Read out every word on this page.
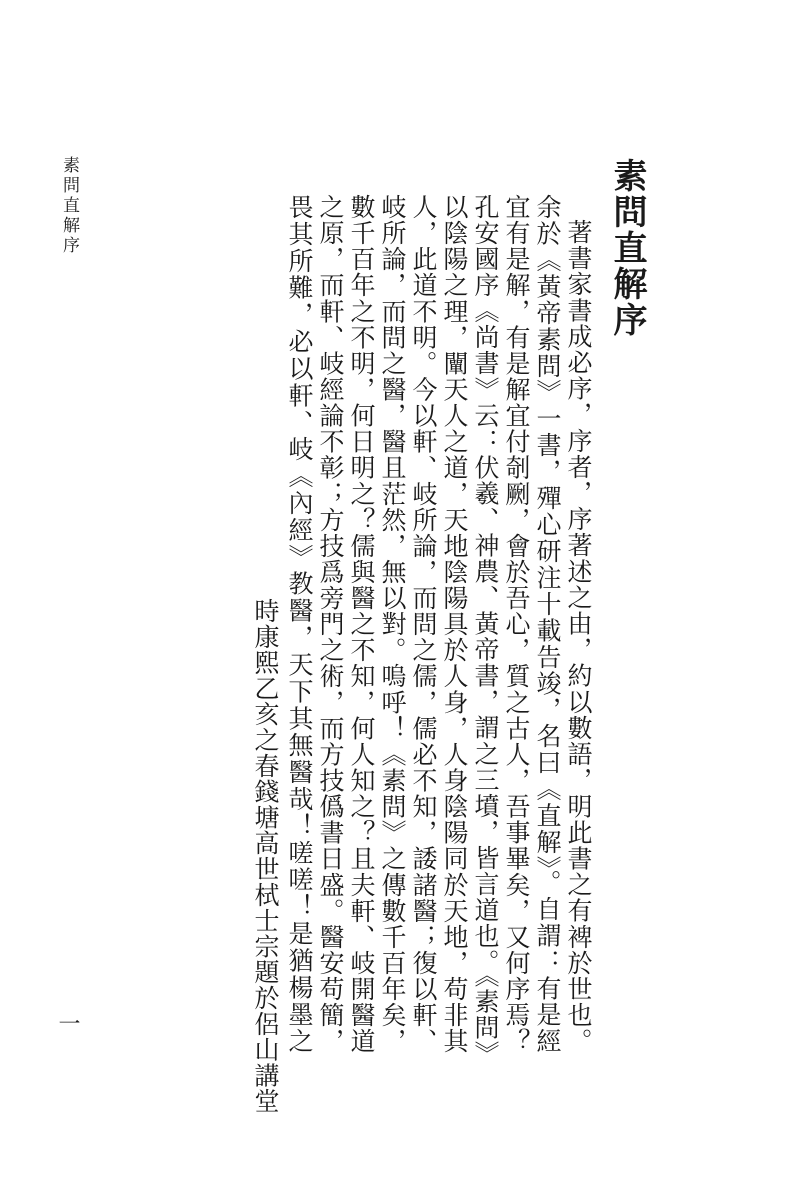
素問直解序	素問直解序

著書家書成必序，序者，序著述之由，約以數語，明此書之有裨於世也。余於《黃帝素問》一書，殫心研注十載告竣，名曰《直解》。自謂：有是經宜有是解，有是解宜付剞劂，會於吾心，質之古人，吾事畢矣，又何序焉？孔安國序《尚書》云：伏羲、神農、黃帝書，謂之三墳，皆言道也。《素問》以陰陽之理，闡天人之道，天地陰陽具於人身，人身陰陽同於天地，苟非其人，此道不明。今以軒、岐所論，而問之儒，儒必不知，諉諸醫；復以軒、岐所論，而問之醫，醫且茫然，無以對。嗚呼！《素問》之傳數千百年矣，數千百年之不明，何日明之？儒與醫之不知，何人知之？且夫軒、岐開醫道之原，而軒、岐經論不彰；方技爲旁門之術，而方技僞書日盛。醫安苟簡，畏其所難，必以軒、岐《內經》教醫，天下其無醫哉！嗟嗟！是猶楊墨之

時康熙乙亥之春錢塘高世栻士宗題於侶山講堂
一
